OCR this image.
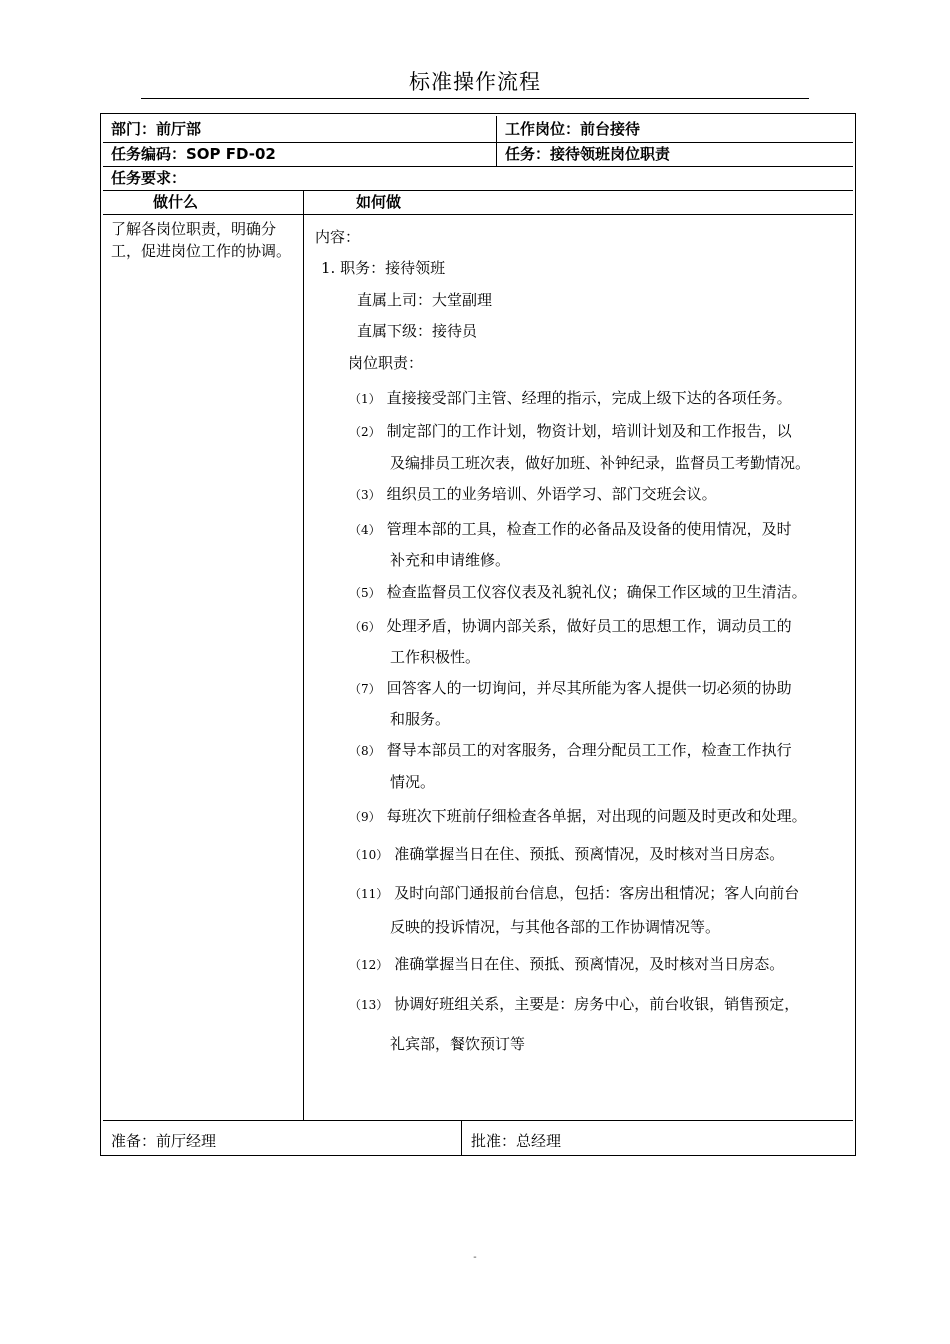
标准操作流程
部门：前厅部	工作岗位：前台接待
任务编码：SOP FD-02	任务：接待领班岗位职责
任务要求：
做什么	如何做
了解各岗位职责，明确分工，促进岗位工作的协调。
内容：
1. 职务：接待领班
直属上司：大堂副理
直属下级：接待员
岗位职责：
（1） 直接接受部门主管、经理的指示，完成上级下达的各项任务。
（2） 制定部门的工作计划，物资计划，培训计划及和工作报告，以
及编排员工班次表，做好加班、补钟纪录，监督员工考勤情况。
（3） 组织员工的业务培训、外语学习、部门交班会议。
（4） 管理本部的工具，检查工作的必备品及设备的使用情况，及时
补充和申请维修。
（5） 检查监督员工仪容仪表及礼貌礼仪；确保工作区域的卫生清洁。
（6） 处理矛盾，协调内部关系，做好员工的思想工作，调动员工的
工作积极性。
（7） 回答客人的一切询问，并尽其所能为客人提供一切必须的协助
和服务。
（8） 督导本部员工的对客服务，合理分配员工工作，检查工作执行
情况。
（9） 每班次下班前仔细检查各单据，对出现的问题及时更改和处理。
（10） 准确掌握当日在住、预抵、预离情况，及时核对当日房态。
（11） 及时向部门通报前台信息，包括：客房出租情况；客人向前台
反映的投诉情况，与其他各部的工作协调情况等。
（12） 准确掌握当日在住、预抵、预离情况，及时核对当日房态。
（13） 协调好班组关系，主要是：房务中心，前台收银，销售预定，
礼宾部，餐饮预订等
准备：前厅经理	批准：总经理
-
